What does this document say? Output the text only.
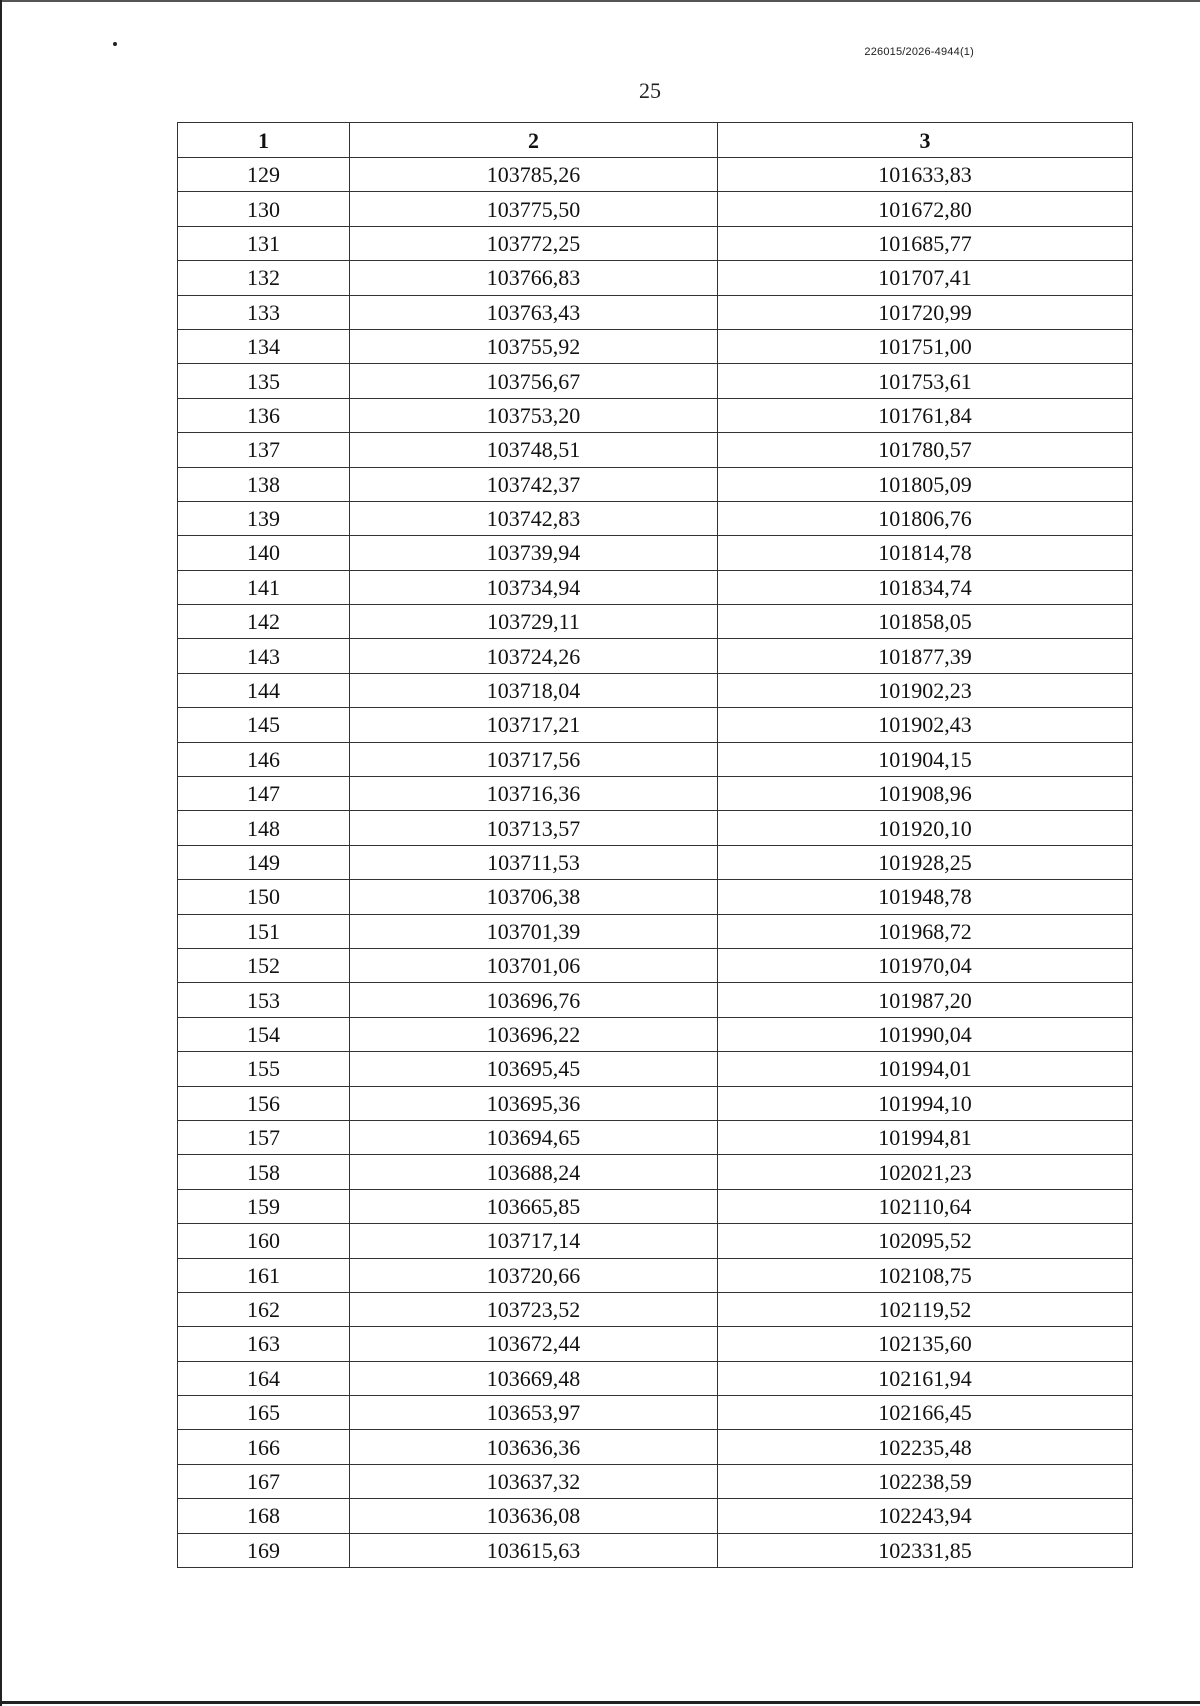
226015/2026-4944(1)
25
1	2	3
129	103785,26	101633,83
130	103775,50	101672,80
131	103772,25	101685,77
132	103766,83	101707,41
133	103763,43	101720,99
134	103755,92	101751,00
135	103756,67	101753,61
136	103753,20	101761,84
137	103748,51	101780,57
138	103742,37	101805,09
139	103742,83	101806,76
140	103739,94	101814,78
141	103734,94	101834,74
142	103729,11	101858,05
143	103724,26	101877,39
144	103718,04	101902,23
145	103717,21	101902,43
146	103717,56	101904,15
147	103716,36	101908,96
148	103713,57	101920,10
149	103711,53	101928,25
150	103706,38	101948,78
151	103701,39	101968,72
152	103701,06	101970,04
153	103696,76	101987,20
154	103696,22	101990,04
155	103695,45	101994,01
156	103695,36	101994,10
157	103694,65	101994,81
158	103688,24	102021,23
159	103665,85	102110,64
160	103717,14	102095,52
161	103720,66	102108,75
162	103723,52	102119,52
163	103672,44	102135,60
164	103669,48	102161,94
165	103653,97	102166,45
166	103636,36	102235,48
167	103637,32	102238,59
168	103636,08	102243,94
169	103615,63	102331,85
